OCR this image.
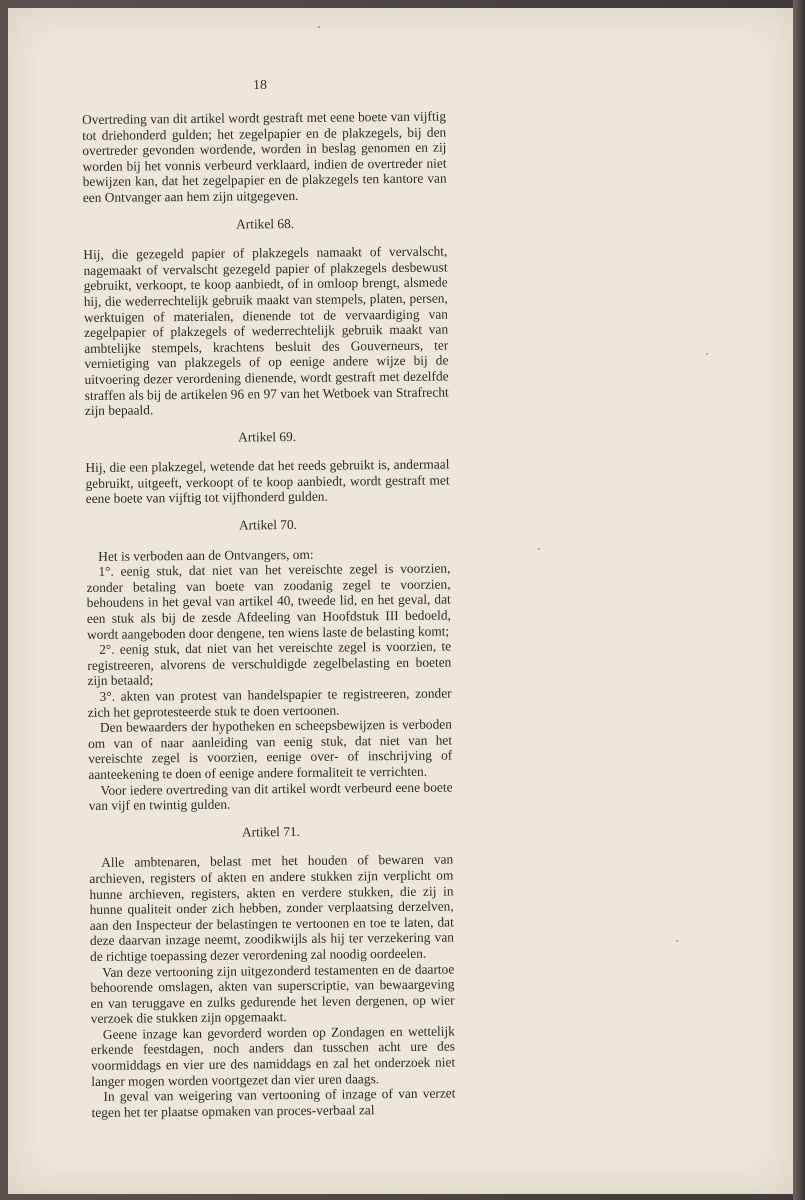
18

Overtreding van dit artikel wordt gestraft met eene boete van vijftig tot driehonderd gulden; het zegelpapier en de plakzegels, bij den overtreder gevonden wordende, worden in beslag genomen en zij worden bij het vonnis verbeurd verklaard, indien de overtreder niet bewijzen kan, dat het zegelpapier en de plakzegels ten kantore van een Ontvanger aan hem zijn uitgegeven.

Artikel 68.

Hij, die gezegeld papier of plakzegels namaakt of vervalscht, nagemaakt of vervalscht gezegeld papier of plakzegels desbewust gebruikt, verkoopt, te koop aanbiedt, of in omloop brengt, alsmede hij, die wederrechtelijk gebruik maakt van stempels, platen, persen, werktuigen of materialen, dienende tot de vervaardiging van zegelpapier of plakzegels of wederrechtelijk gebruik maakt van ambtelijke stempels, krachtens besluit des Gouverneurs, ter vernietiging van plakzegels of op eenige andere wijze bij de uitvoering dezer verordening dienende, wordt gestraft met dezelfde straffen als bij de artikelen 96 en 97 van het Wetboek van Strafrecht zijn bepaald.

Artikel 69.

Hij, die een plakzegel, wetende dat het reeds gebruikt is, andermaal gebruikt, uitgeeft, verkoopt of te koop aanbiedt, wordt gestraft met eene boete van vijftig tot vijfhonderd gulden.

Artikel 70.

Het is verboden aan de Ontvangers, om:

1°. eenig stuk, dat niet van het vereischte zegel is voorzien, zonder betaling van boete van zoodanig zegel te voorzien, behoudens in het geval van artikel 40, tweede lid, en het geval, dat een stuk als bij de zesde Afdeeling van Hoofdstuk III bedoeld, wordt aangeboden door dengene, ten wiens laste de belasting komt;

2°. eenig stuk, dat niet van het vereischte zegel is voorzien, te registreeren, alvorens de verschuldigde zegelbelasting en boeten zijn betaald;

3°. akten van protest van handelspapier te registreeren, zonder zich het geprotesteerde stuk te doen vertoonen.

Den bewaarders der hypotheken en scheepsbewijzen is verboden om van of naar aanleiding van eenig stuk, dat niet van het vereischte zegel is voorzien, eenige over- of inschrijving of aanteekening te doen of eenige andere formaliteit te verrichten.

Voor iedere overtreding van dit artikel wordt verbeurd eene boete van vijf en twintig gulden.

Artikel 71.

Alle ambtenaren, belast met het houden of bewaren van archieven, registers of akten en andere stukken zijn verplicht om hunne archieven, registers, akten en verdere stukken, die zij in hunne qualiteit onder zich hebben, zonder verplaatsing derzelven, aan den Inspecteur der belastingen te vertoonen en toe te laten, dat deze daarvan inzage neemt, zoodikwijls als hij ter verzekering van de richtige toepassing dezer verordening zal noodig oordeelen.

Van deze vertooning zijn uitgezonderd testamenten en de daartoe behoorende omslagen, akten van superscriptie, van bewaargeving en van teruggave en zulks gedurende het leven dergenen, op wier verzoek die stukken zijn opgemaakt.

Geene inzage kan gevorderd worden op Zondagen en wettelijk erkende feestdagen, noch anders dan tusschen acht ure des voormiddags en vier ure des namiddags en zal het onderzoek niet langer mogen worden voortgezet dan vier uren daags.

In geval van weigering van vertooning of inzage of van verzet tegen het ter plaatse opmaken van proces-verbaal zal
